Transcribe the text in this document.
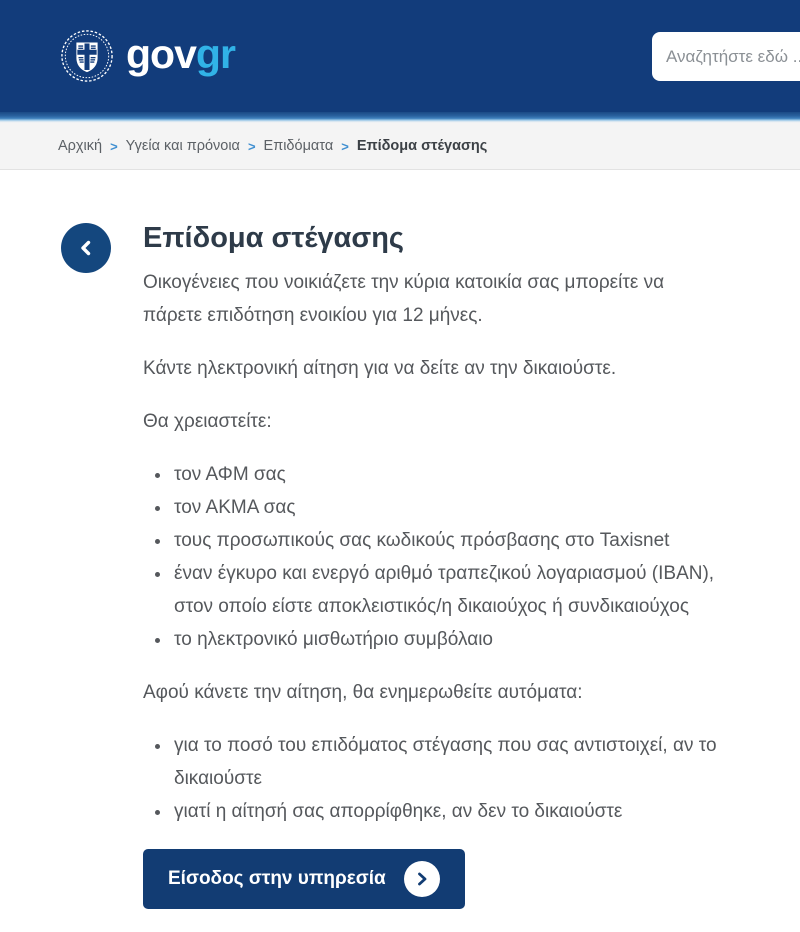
govgr
Αναζητήστε εδώ ...
Αρχική > Υγεία και πρόνοια > Επιδόματα > Επίδομα στέγασης
Επίδομα στέγασης

Οικογένειες που νοικιάζετε την κύρια κατοικία σας μπορείτε να πάρετε επιδότηση ενοικίου για 12 μήνες.

Κάντε ηλεκτρονική αίτηση για να δείτε αν την δικαιούστε.

Θα χρειαστείτε:

• τον ΑΦΜ σας
• τον ΑΚΜΑ σας
• τους προσωπικούς σας κωδικούς πρόσβασης στο Taxisnet
• έναν έγκυρο και ενεργό αριθμό τραπεζικού λογαριασμού (IBAN), στον οποίο είστε αποκλειστικός/η δικαιούχος ή συνδικαιούχος
• το ηλεκτρονικό μισθωτήριο συμβόλαιο

Αφού κάνετε την αίτηση, θα ενημερωθείτε αυτόματα:

• για το ποσό του επιδόματος στέγασης που σας αντιστοιχεί, αν το δικαιούστε
• γιατί η αίτησή σας απορρίφθηκε, αν δεν το δικαιούστε
Είσοδος στην υπηρεσία
